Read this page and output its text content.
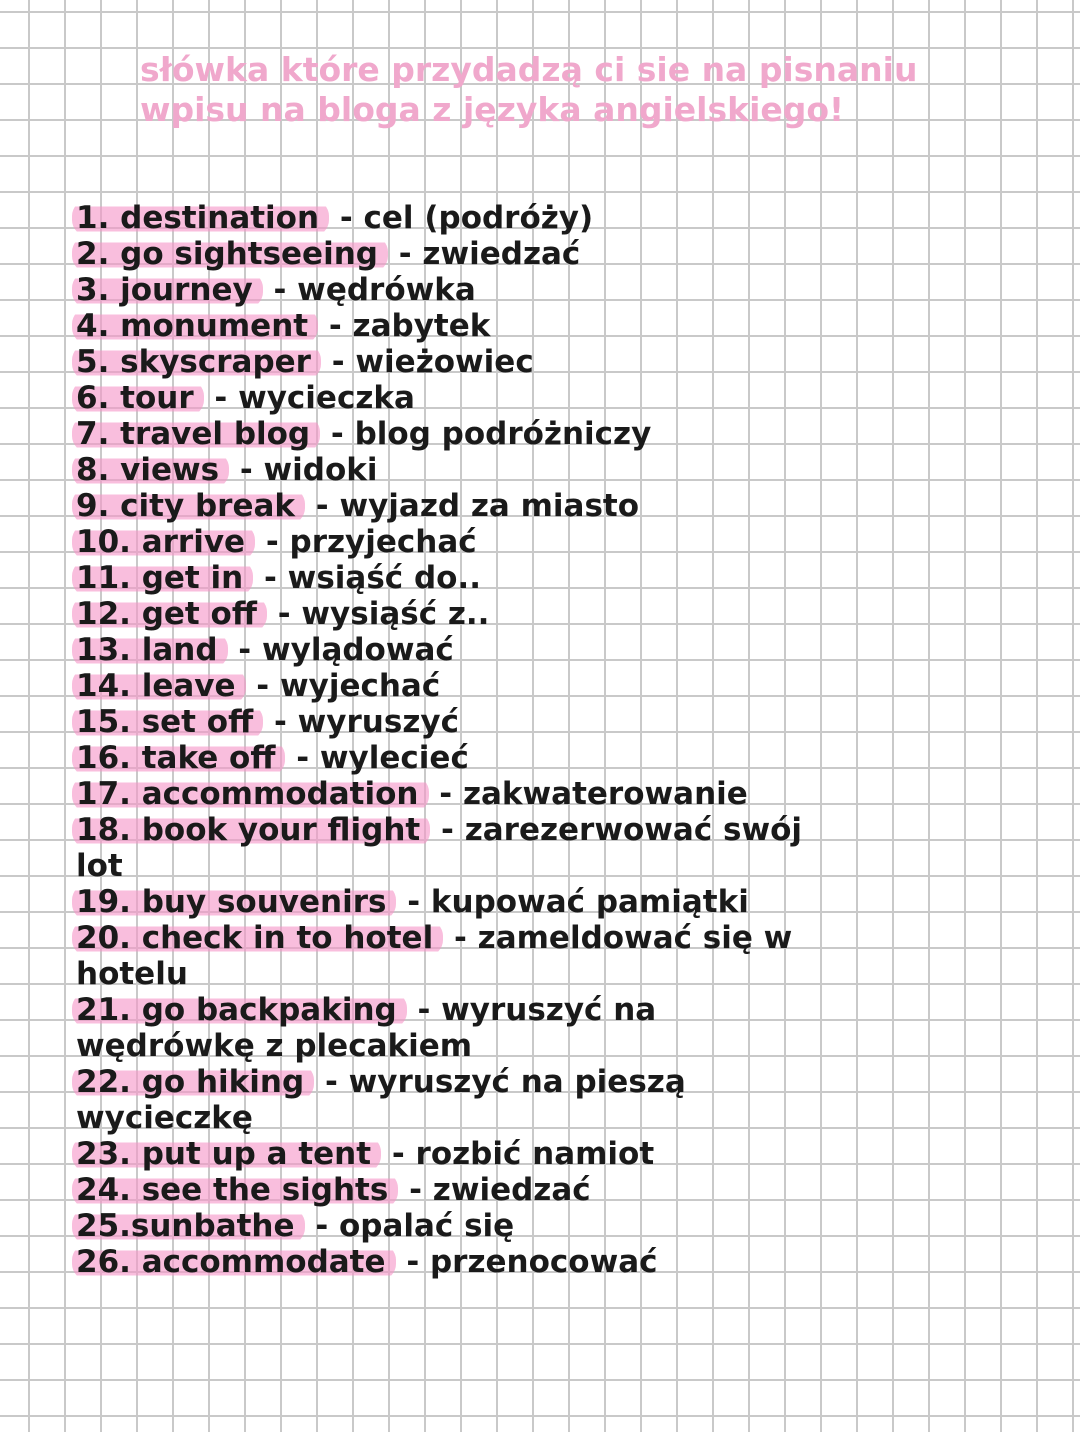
słówka które przydadzą ci sie na pisnaniu
wpisu na bloga z języka angielskiego!
1. destination - cel (podróży)
2. go sightseeing - zwiedzać
3. journey - wędrówka
4. monument - zabytek
5. skyscraper - wieżowiec
6. tour - wycieczka
7. travel blog - blog podróżniczy
8. views - widoki
9. city break - wyjazd za miasto
10. arrive - przyjechać
11. get in - wsiąść do..
12. get off - wysiąść z..
13. land - wylądować
14. leave - wyjechać
15. set off - wyruszyć
16. take off - wylecieć
17. accommodation - zakwaterowanie
18. book your flight - zarezerwować swój lot
19. buy souvenirs - kupować pamiątki
20. check in to hotel - zameldować się w hotelu
21. go backpaking - wyruszyć na wędrówkę z plecakiem
22. go hiking - wyruszyć na pieszą wycieczkę
23. put up a tent - rozbić namiot
24. see the sights - zwiedzać
25.sunbathe - opalać się
26. accommodate - przenocować
